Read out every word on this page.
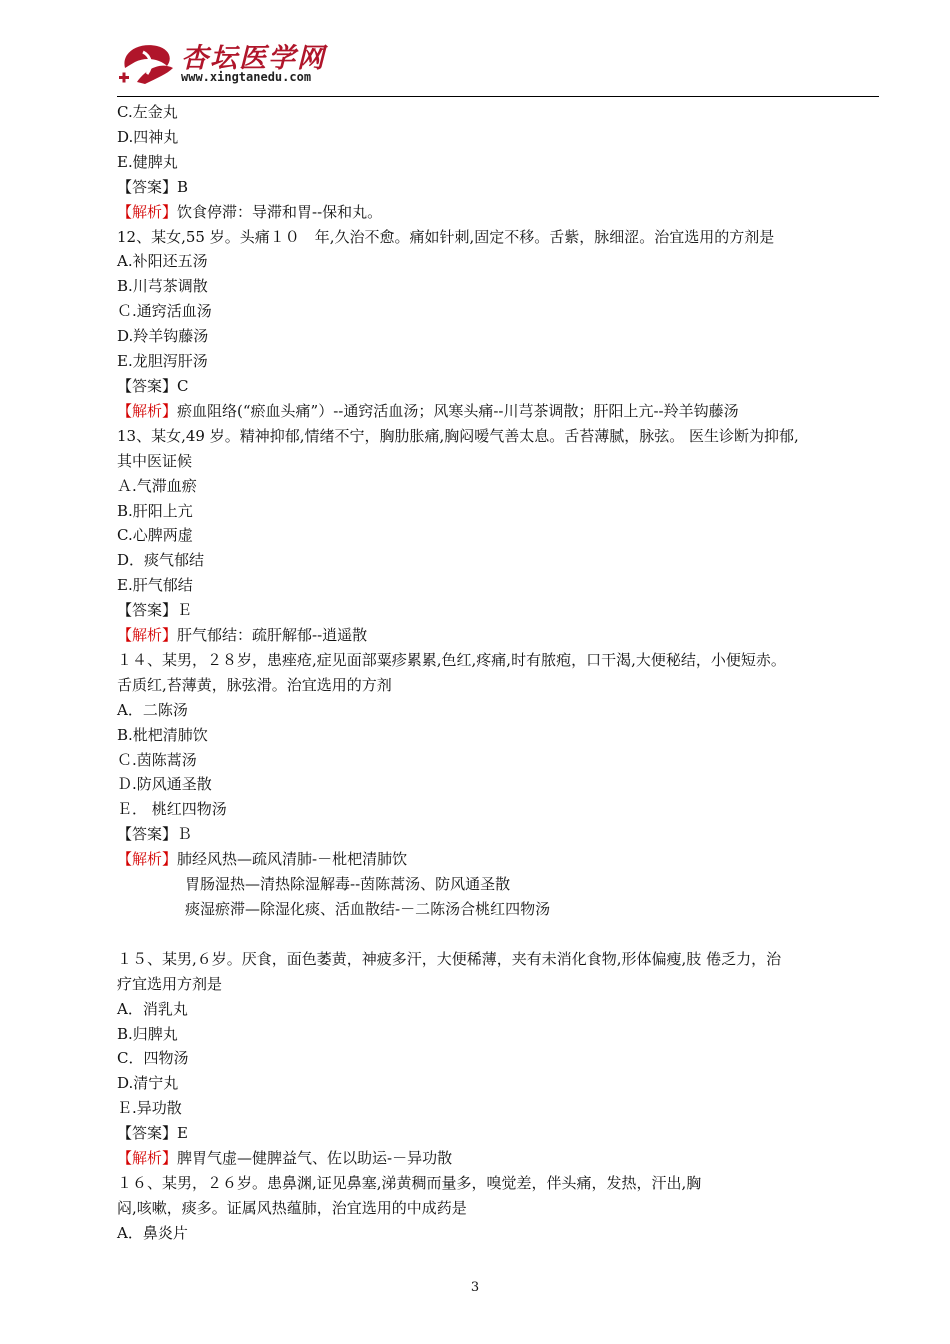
杏坛医学网
www.xingtanedu.com
C.左金丸
D.四神丸
E.健脾丸
【答案】B
【解析】饮食停滞：导滞和胃--保和丸。
12、某女,55 岁。头痛１０　年,久治不愈。痛如针刺,固定不移。舌紫，脉细涩。治宜选用的方剂是
A.补阳还五汤
B.川芎茶调散
Ｃ.通窍活血汤
D.羚羊钩藤汤
E.龙胆泻肝汤
【答案】C
【解析】瘀血阻络(“瘀血头痛”）--通窍活血汤；风寒头痛--川芎茶调散；肝阳上亢--羚羊钩藤汤
13、某女,49 岁。精神抑郁,情绪不宁，胸肋胀痛,胸闷嗳气善太息。舌苔薄腻，脉弦。 医生诊断为抑郁,
其中医证候
Ａ.气滞血瘀
B.肝阳上亢
C.心脾两虚
D．痰气郁结
E.肝气郁结
【答案】Ｅ
【解析】肝气郁结：疏肝解郁--逍遥散
１４、某男，２８岁，患痤疮,症见面部粟疹累累,色红,疼痛,时有脓疱，口干渴,大便秘结，小便短赤。
舌质红,苔薄黄，脉弦滑。治宜选用的方剂
A．二陈汤
B.枇杷清肺饮
Ｃ.茵陈蒿汤
Ｄ.防风通圣散
Ｅ． 桃红四物汤
【答案】Ｂ
【解析】肺经风热—疏风清肺-－枇杷清肺饮
胃肠湿热—清热除湿解毒--茵陈蒿汤、防风通圣散
痰湿瘀滞—除湿化痰、活血散结-－二陈汤合桃红四物汤
１５、某男,６岁。厌食，面色萎黄，神疲多汗，大便稀薄，夹有未消化食物,形体偏瘦,肢 倦乏力，治
疗宜选用方剂是
A．消乳丸
B.归脾丸
C．四物汤
D.清宁丸
Ｅ.异功散
【答案】E
【解析】脾胃气虚—健脾益气、佐以助运-－异功散
１６、某男，２６岁。患鼻渊,证见鼻塞,涕黄稠而量多，嗅觉差，伴头痛，发热，汗出,胸
闷,咳嗽，痰多。证属风热蕴肺，治宜选用的中成药是
A．鼻炎片
3
